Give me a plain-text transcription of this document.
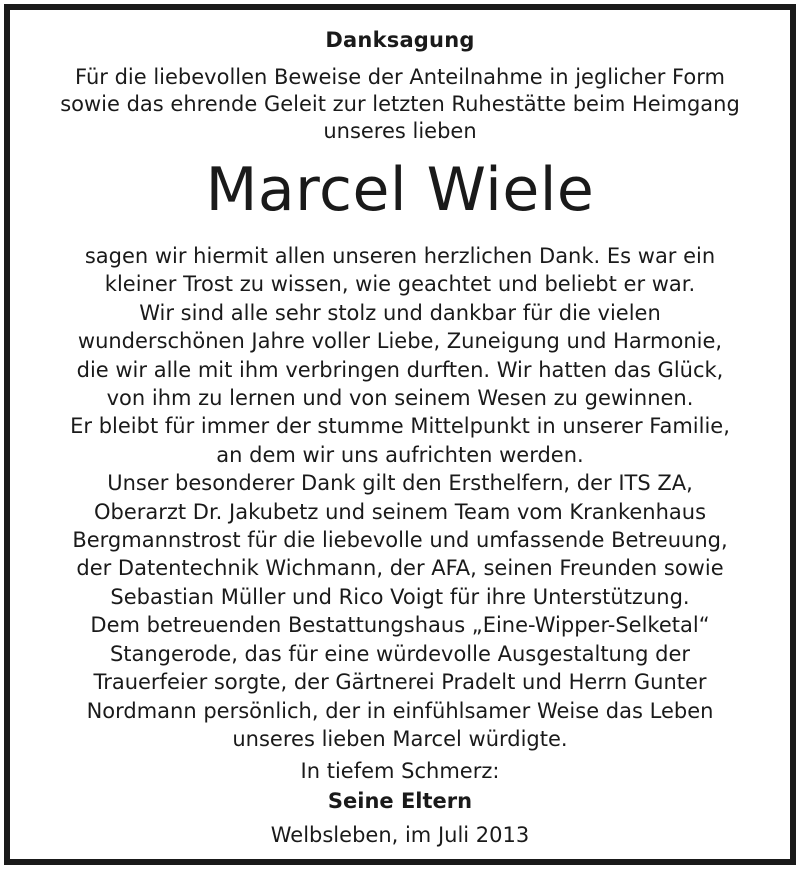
Danksagung
Für die liebevollen Beweise der Anteilnahme in jeglicher Form
sowie das ehrende Geleit zur letzten Ruhestätte beim Heimgang
unseres lieben
Marcel Wiele
sagen wir hiermit allen unseren herzlichen Dank. Es war ein
kleiner Trost zu wissen, wie geachtet und beliebt er war.
Wir sind alle sehr stolz und dankbar für die vielen
wunderschönen Jahre voller Liebe, Zuneigung und Harmonie,
die wir alle mit ihm verbringen durften. Wir hatten das Glück,
von ihm zu lernen und von seinem Wesen zu gewinnen.
Er bleibt für immer der stumme Mittelpunkt in unserer Familie,
an dem wir uns aufrichten werden.
Unser besonderer Dank gilt den Ersthelfern, der ITS ZA,
Oberarzt Dr. Jakubetz und seinem Team vom Krankenhaus
Bergmannstrost für die liebevolle und umfassende Betreuung,
der Datentechnik Wichmann, der AFA, seinen Freunden sowie
Sebastian Müller und Rico Voigt für ihre Unterstützung.
Dem betreuenden Bestattungshaus „Eine-Wipper-Selketal“
Stangerode, das für eine würdevolle Ausgestaltung der
Trauerfeier sorgte, der Gärtnerei Pradelt und Herrn Gunter
Nordmann persönlich, der in einfühlsamer Weise das Leben
unseres lieben Marcel würdigte.
In tiefem Schmerz:
Seine Eltern
Welbsleben, im Juli 2013
